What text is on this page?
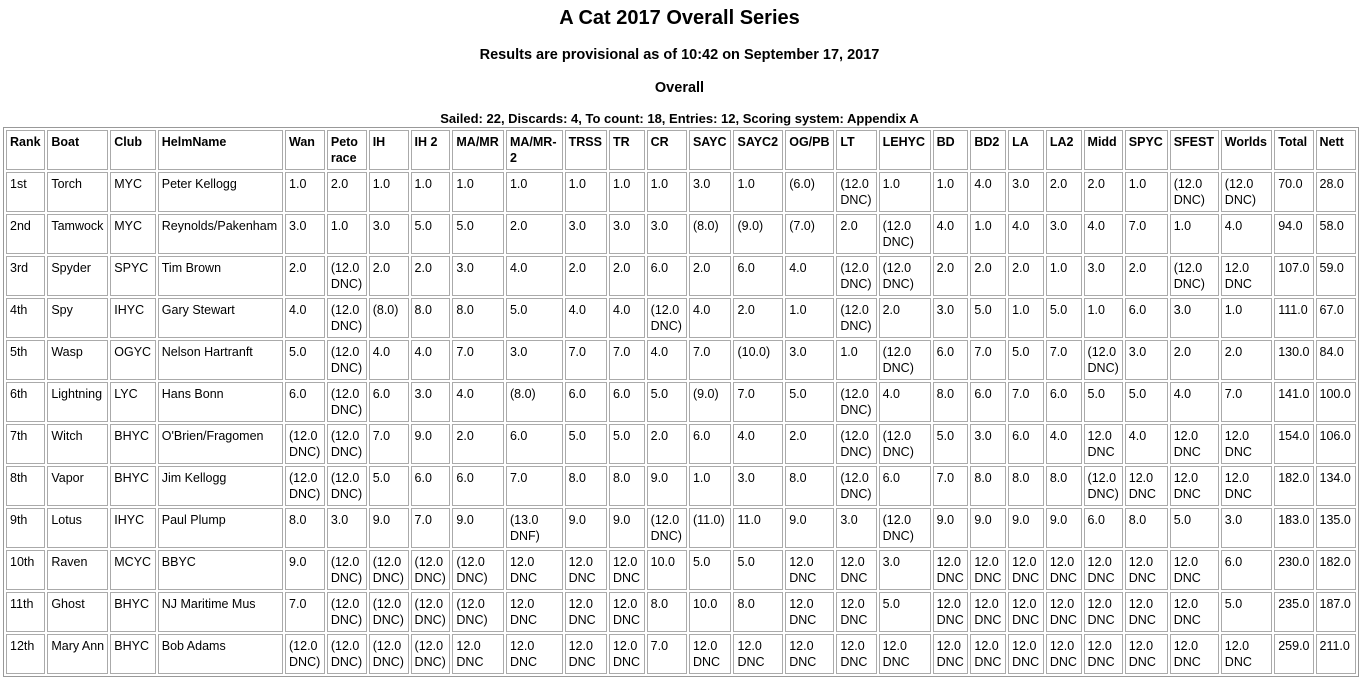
A Cat 2017 Overall Series
Results are provisional as of 10:42 on September 17, 2017
Overall
Sailed: 22, Discards: 4, To count: 18, Entries: 12, Scoring system: Appendix A
Rank	Boat	Club	HelmName	Wan	Peto race	IH	IH 2	MA/MR	MA/MR-2	TRSS	TR	CR	SAYC	SAYC2	OG/PB	LT	LEHYC	BD	BD2	LA	LA2	Midd	SPYC	SFEST	Worlds	Total	Nett
1st	Torch	MYC	Peter Kellogg	1.0	2.0	1.0	1.0	1.0	1.0	1.0	1.0	1.0	3.0	1.0	(6.0)	(12.0 DNC)	1.0	1.0	4.0	3.0	2.0	2.0	1.0	(12.0 DNC)	(12.0 DNC)	70.0	28.0
2nd	Tamwock	MYC	Reynolds/Pakenham	3.0	1.0	3.0	5.0	5.0	2.0	3.0	3.0	3.0	(8.0)	(9.0)	(7.0)	2.0	(12.0 DNC)	4.0	1.0	4.0	3.0	4.0	7.0	1.0	4.0	94.0	58.0
3rd	Spyder	SPYC	Tim Brown	2.0	(12.0 DNC)	2.0	2.0	3.0	4.0	2.0	2.0	6.0	2.0	6.0	4.0	(12.0 DNC)	(12.0 DNC)	2.0	2.0	2.0	1.0	3.0	2.0	(12.0 DNC)	12.0 DNC	107.0	59.0
4th	Spy	IHYC	Gary Stewart	4.0	(12.0 DNC)	(8.0)	8.0	8.0	5.0	4.0	4.0	(12.0 DNC)	4.0	2.0	1.0	(12.0 DNC)	2.0	3.0	5.0	1.0	5.0	1.0	6.0	3.0	1.0	111.0	67.0
5th	Wasp	OGYC	Nelson Hartranft	5.0	(12.0 DNC)	4.0	4.0	7.0	3.0	7.0	7.0	4.0	7.0	(10.0)	3.0	1.0	(12.0 DNC)	6.0	7.0	5.0	7.0	(12.0 DNC)	3.0	2.0	2.0	130.0	84.0
6th	Lightning	LYC	Hans Bonn	6.0	(12.0 DNC)	6.0	3.0	4.0	(8.0)	6.0	6.0	5.0	(9.0)	7.0	5.0	(12.0 DNC)	4.0	8.0	6.0	7.0	6.0	5.0	5.0	4.0	7.0	141.0	100.0
7th	Witch	BHYC	O'Brien/Fragomen	(12.0 DNC)	(12.0 DNC)	7.0	9.0	2.0	6.0	5.0	5.0	2.0	6.0	4.0	2.0	(12.0 DNC)	(12.0 DNC)	5.0	3.0	6.0	4.0	12.0 DNC	4.0	12.0 DNC	12.0 DNC	154.0	106.0
8th	Vapor	BHYC	Jim Kellogg	(12.0 DNC)	(12.0 DNC)	5.0	6.0	6.0	7.0	8.0	8.0	9.0	1.0	3.0	8.0	(12.0 DNC)	6.0	7.0	8.0	8.0	8.0	(12.0 DNC)	12.0 DNC	12.0 DNC	12.0 DNC	182.0	134.0
9th	Lotus	IHYC	Paul Plump	8.0	3.0	9.0	7.0	9.0	(13.0 DNF)	9.0	9.0	(12.0 DNC)	(11.0)	11.0	9.0	3.0	(12.0 DNC)	9.0	9.0	9.0	9.0	6.0	8.0	5.0	3.0	183.0	135.0
10th	Raven	MCYC	BBYC	9.0	(12.0 DNC)	(12.0 DNC)	(12.0 DNC)	(12.0 DNC)	12.0 DNC	12.0 DNC	12.0 DNC	10.0	5.0	5.0	12.0 DNC	12.0 DNC	3.0	12.0 DNC	12.0 DNC	12.0 DNC	12.0 DNC	12.0 DNC	12.0 DNC	12.0 DNC	6.0	230.0	182.0
11th	Ghost	BHYC	NJ Maritime Mus	7.0	(12.0 DNC)	(12.0 DNC)	(12.0 DNC)	(12.0 DNC)	12.0 DNC	12.0 DNC	12.0 DNC	8.0	10.0	8.0	12.0 DNC	12.0 DNC	5.0	12.0 DNC	12.0 DNC	12.0 DNC	12.0 DNC	12.0 DNC	12.0 DNC	12.0 DNC	5.0	235.0	187.0
12th	Mary Ann	BHYC	Bob Adams	(12.0 DNC)	(12.0 DNC)	(12.0 DNC)	(12.0 DNC)	12.0 DNC	12.0 DNC	12.0 DNC	12.0 DNC	7.0	12.0 DNC	12.0 DNC	12.0 DNC	12.0 DNC	12.0 DNC	12.0 DNC	12.0 DNC	12.0 DNC	12.0 DNC	12.0 DNC	12.0 DNC	12.0 DNC	12.0 DNC	259.0	211.0
